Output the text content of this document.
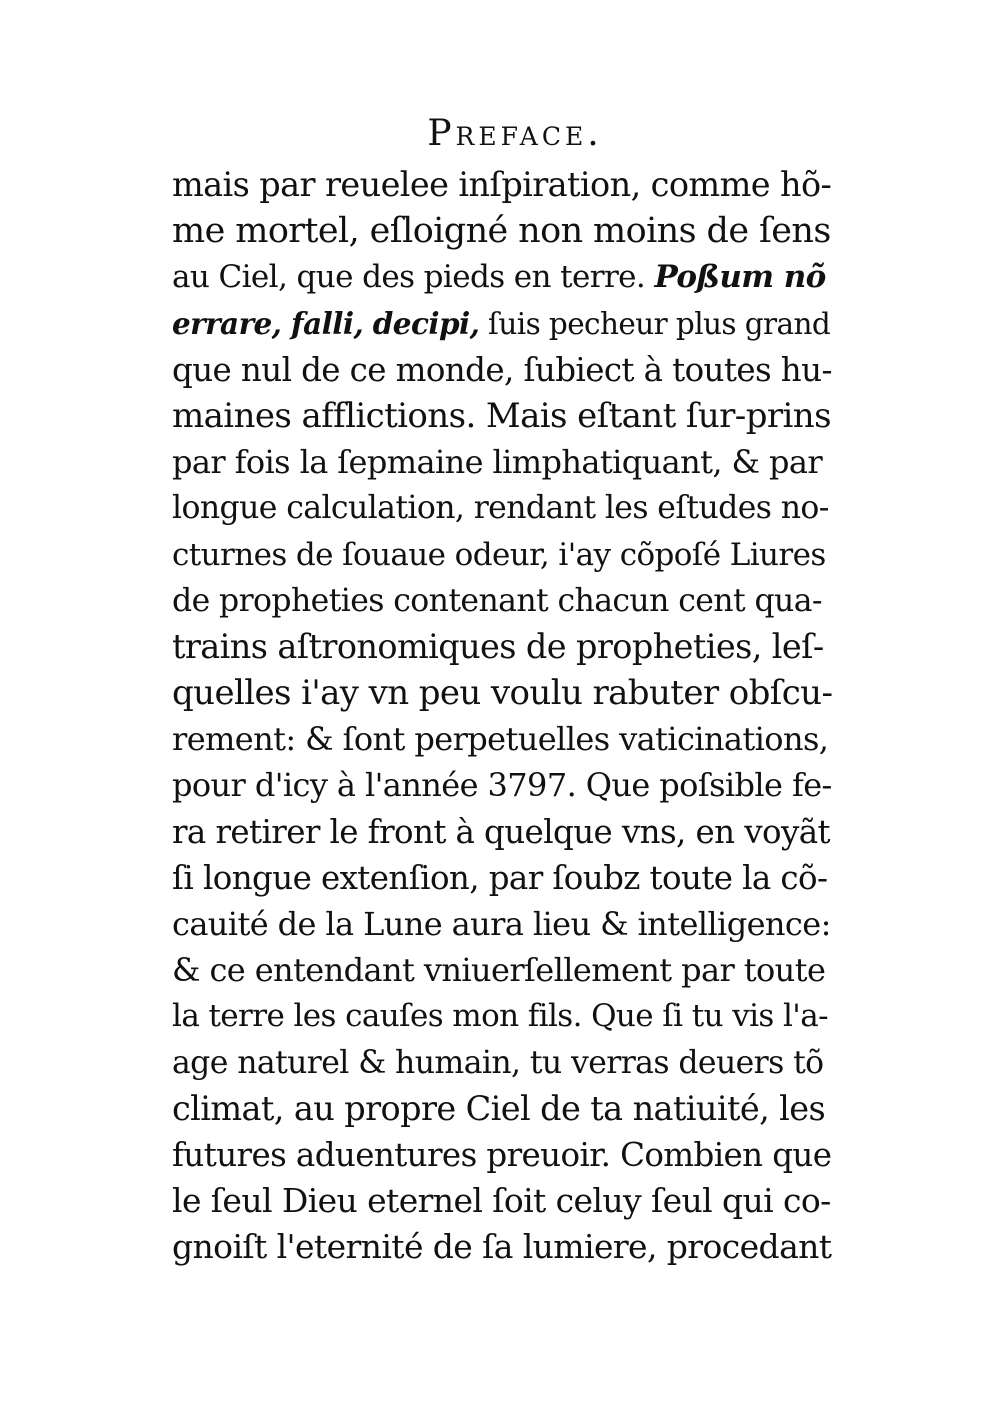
Preface.
mais par reuelee inſpiration, comme hõ-
me mortel, eſloigné non moins de ſens
au Ciel, que des pieds en terre. Poßum nõ
errare, falli, decipi, ſuis pecheur plus grand
que nul de ce monde, ſubiect à toutes hu-
maines afflictions. Mais eſtant ſur-prins
par fois la ſepmaine limphatiquant, & par
longue calculation, rendant les eſtudes no-
cturnes de ſouaue odeur, i'ay cõpoſé Liures
de propheties contenant chacun cent qua-
trains aſtronomiques de propheties, leſ-
quelles i'ay vn peu voulu rabuter obſcu-
rement: & ſont perpetuelles vaticinations,
pour d'icy à l'année 3797. Que poſsible fe-
ra retirer le front à quelque vns, en voyãt
ſi longue extenſion, par ſoubz toute la cõ-
cauité de la Lune aura lieu & intelligence:
& ce entendant vniuerſellement par toute
la terre les cauſes mon fils. Que ſi tu vis l'a-
age naturel & humain, tu verras deuers tõ
climat, au propre Ciel de ta natiuité, les
futures aduentures preuoir. Combien que
le ſeul Dieu eternel ſoit celuy ſeul qui co-
gnoiſt l'eternité de ſa lumiere, procedant
